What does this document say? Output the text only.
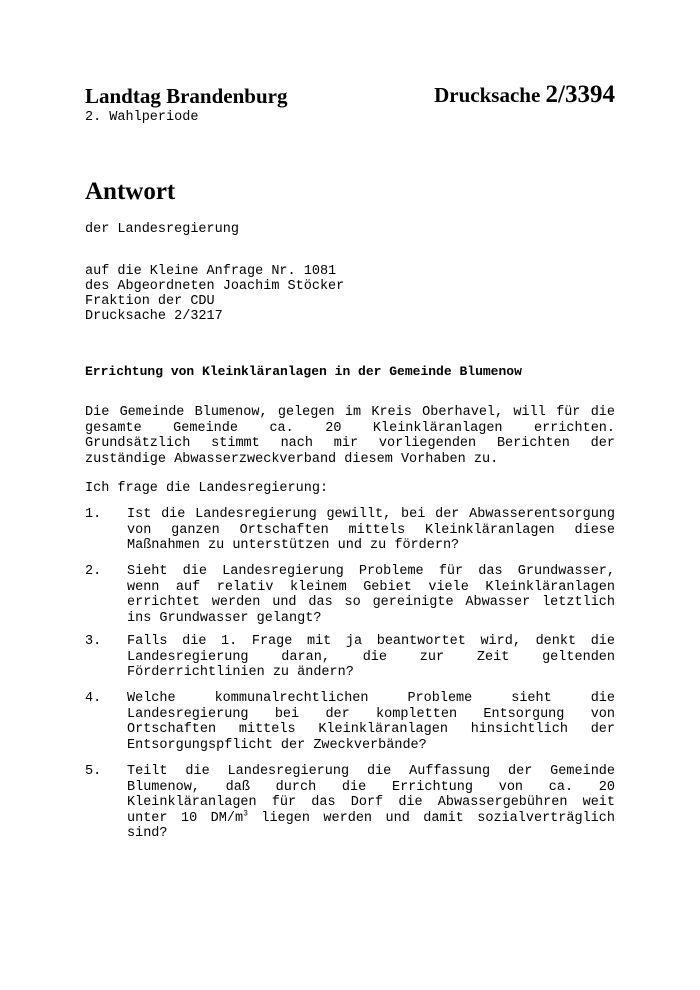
Landtag Brandenburg	Drucksache 2/3394
2. Wahlperiode
Antwort
der Landesregierung
auf die Kleine Anfrage Nr. 1081
des Abgeordneten Joachim Stöcker
Fraktion der CDU
Drucksache 2/3217
Errichtung von Kleinkläranlagen in der Gemeinde Blumenow
Die Gemeinde Blumenow, gelegen im Kreis Oberhavel, will für die
gesamte Gemeinde ca. 20 Kleinkläranlagen errichten.
Grundsätzlich stimmt nach mir vorliegenden Berichten der
zuständige Abwasserzweckverband diesem Vorhaben zu.
Ich frage die Landesregierung:
1. Ist die Landesregierung gewillt, bei der Abwasserentsorgung
von ganzen Ortschaften mittels Kleinkläranlagen diese
Maßnahmen zu unterstützen und zu fördern?
2. Sieht die Landesregierung Probleme für das Grundwasser,
wenn auf relativ kleinem Gebiet viele Kleinkläranlagen
errichtet werden und das so gereinigte Abwasser letztlich
ins Grundwasser gelangt?
3. Falls die 1. Frage mit ja beantwortet wird, denkt die
Landesregierung daran, die zur Zeit geltenden
Förderrichtlinien zu ändern?
4. Welche kommunalrechtlichen Probleme sieht die
Landesregierung bei der kompletten Entsorgung von
Ortschaften mittels Kleinkläranlagen hinsichtlich der
Entsorgungspflicht der Zweckverbände?
5. Teilt die Landesregierung die Auffassung der Gemeinde
Blumenow, daß durch die Errichtung von ca. 20
Kleinkläranlagen für das Dorf die Abwassergebühren weit
unter 10 $DM/m^3$ liegen werden und damit sozialverträglich
sind?
